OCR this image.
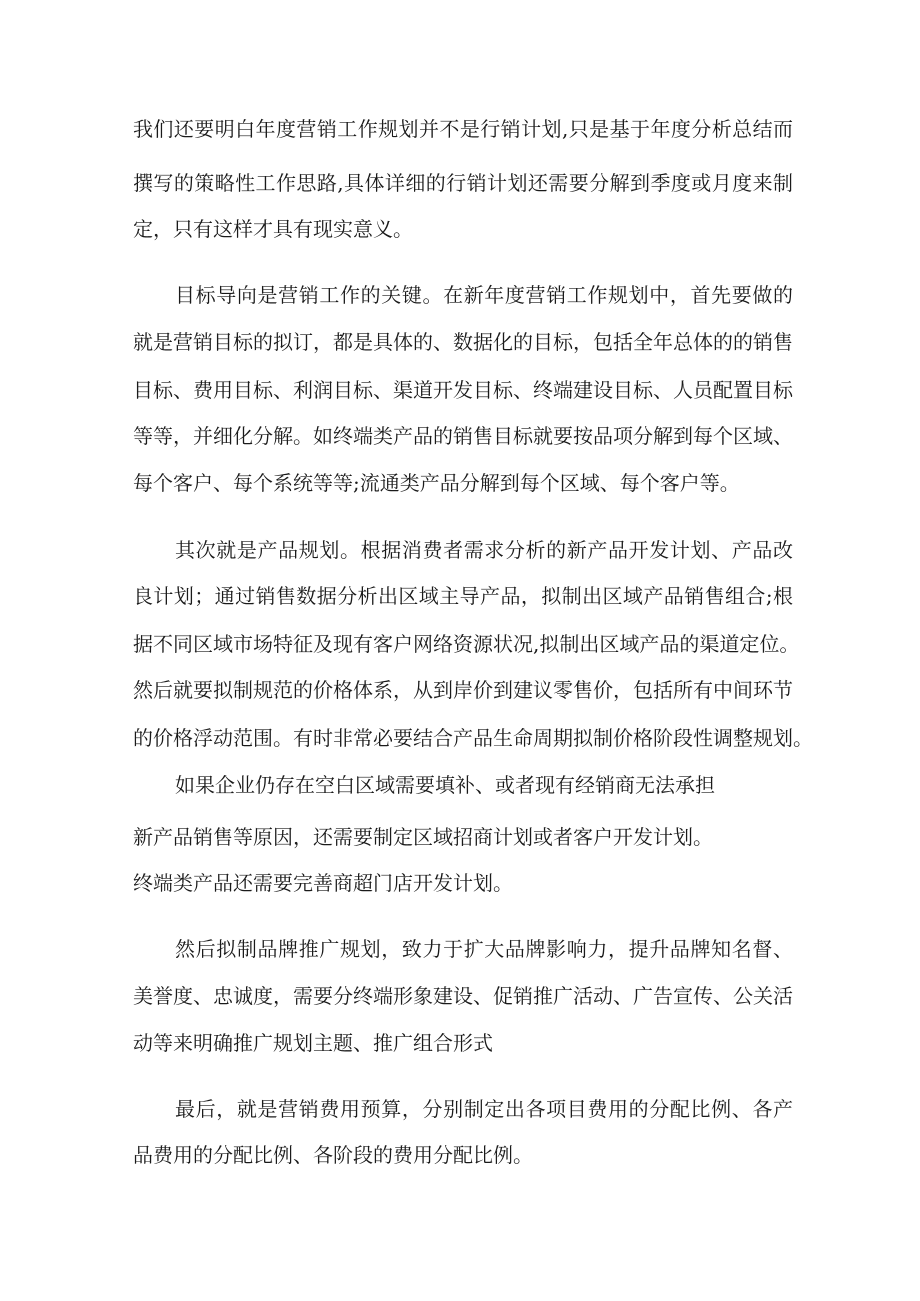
我们还要明白年度营销工作规划并不是行销计划,只是基于年度分析总结而
撰写的策略性工作思路,具体详细的行销计划还需要分解到季度或月度来制
定，只有这样才具有现实意义。
目标导向是营销工作的关键。在新年度营销工作规划中，首先要做的
就是营销目标的拟订，都是具体的、数据化的目标，包括全年总体的的销售
目标、费用目标、利润目标、渠道开发目标、终端建设目标、人员配置目标
等等，并细化分解。如终端类产品的销售目标就要按品项分解到每个区域、
每个客户、每个系统等等;流通类产品分解到每个区域、每个客户等。
其次就是产品规划。根据消费者需求分析的新产品开发计划、产品改
良计划；通过销售数据分析出区域主导产品，拟制出区域产品销售组合;根
据不同区域市场特征及现有客户网络资源状况,拟制出区域产品的渠道定位。
然后就要拟制规范的价格体系，从到岸价到建议零售价，包括所有中间环节
的价格浮动范围。有时非常必要结合产品生命周期拟制价格阶段性调整规划。
如果企业仍存在空白区域需要填补、或者现有经销商无法承担
新产品销售等原因，还需要制定区域招商计划或者客户开发计划。
终端类产品还需要完善商超门店开发计划。
然后拟制品牌推广规划，致力于扩大品牌影响力，提升品牌知名督、
美誉度、忠诚度，需要分终端形象建设、促销推广活动、广告宣传、公关活
动等来明确推广规划主题、推广组合形式
最后，就是营销费用预算，分别制定出各项目费用的分配比例、各产
品费用的分配比例、各阶段的费用分配比例。
